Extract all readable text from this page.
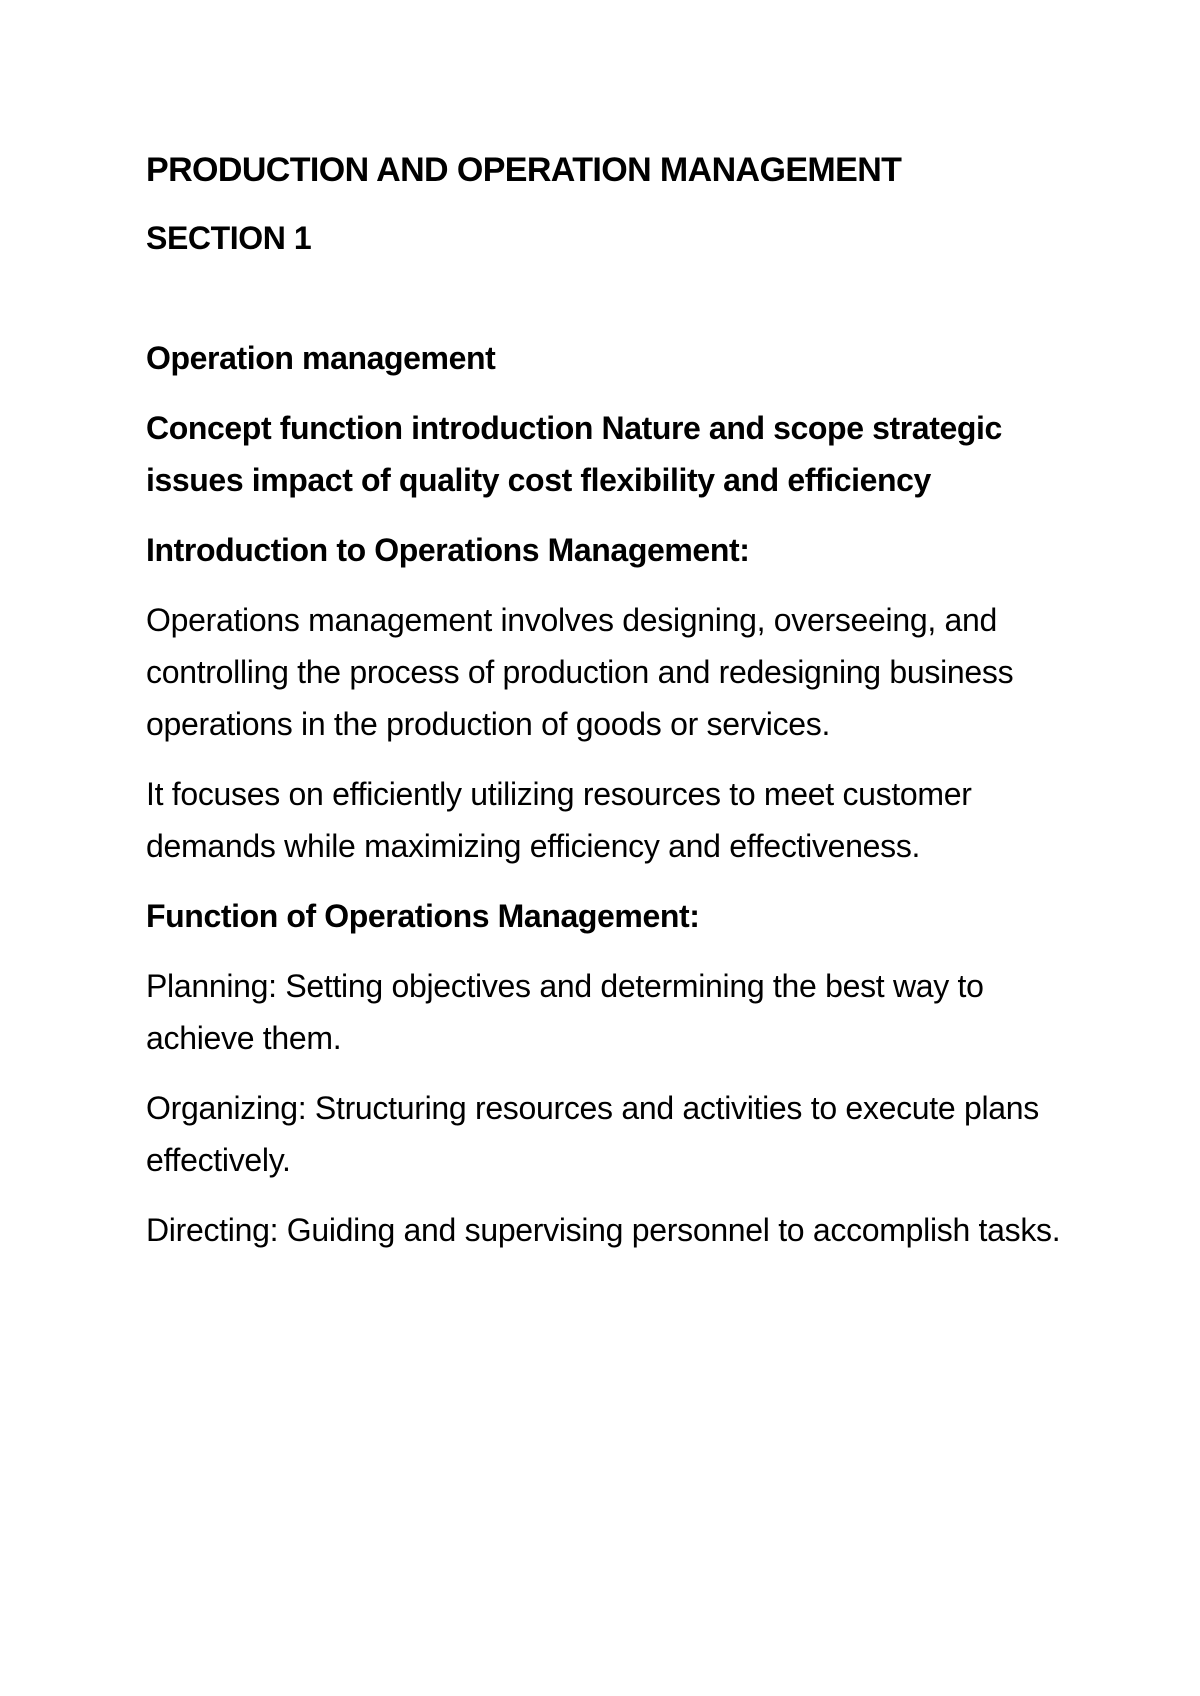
PRODUCTION AND OPERATION MANAGEMENT

SECTION 1

Operation management

Concept function introduction Nature and scope strategic issues impact of quality cost flexibility and efficiency

Introduction to Operations Management:

Operations management involves designing, overseeing, and controlling the process of production and redesigning business operations in the production of goods or services.

It focuses on efficiently utilizing resources to meet customer demands while maximizing efficiency and effectiveness.

Function of Operations Management:

Planning: Setting objectives and determining the best way to achieve them.

Organizing: Structuring resources and activities to execute plans effectively.

Directing: Guiding and supervising personnel to accomplish tasks.
